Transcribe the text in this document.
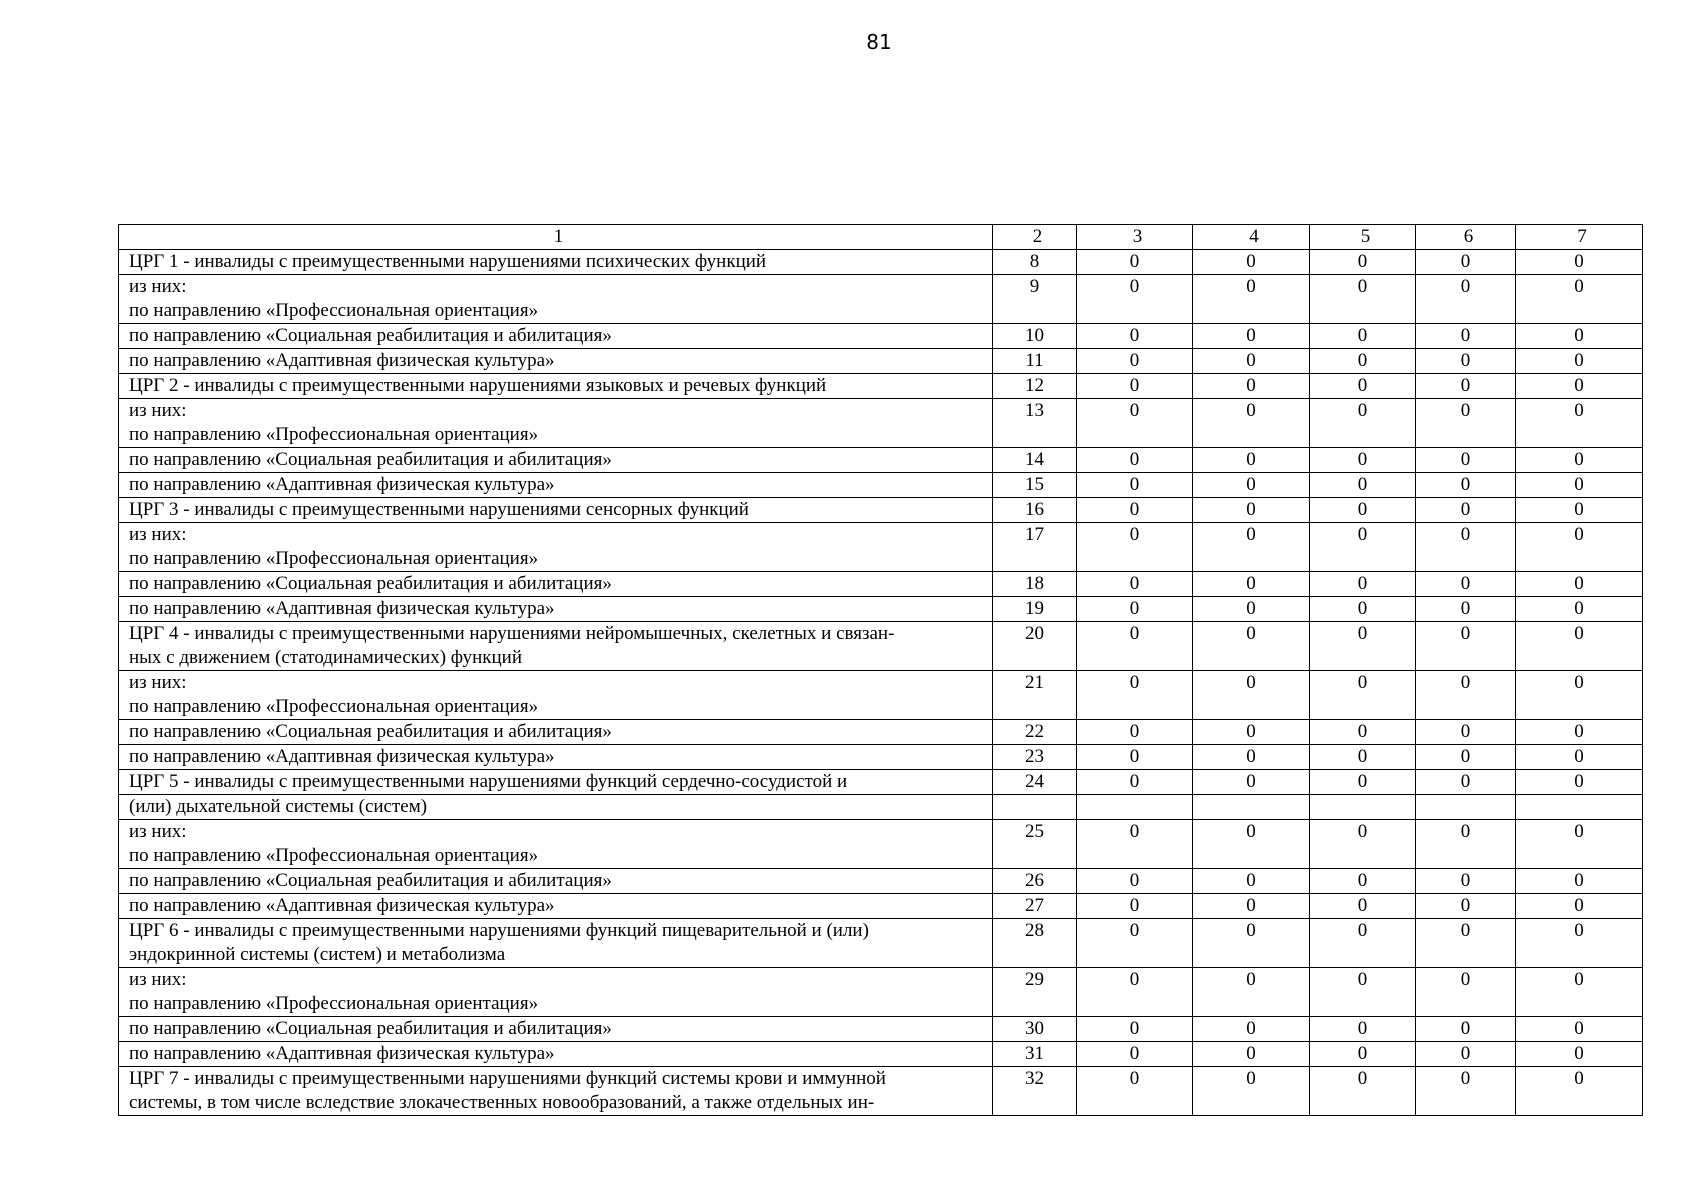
81
1	2	3	4	5	6	7

ЦРГ 1 - инвалиды с преимущественными нарушениями психических функций	8	0	0	0	0	0

из них:
по направлению «Профессиональная ориентация»	9	0	0	0	0	0

по направлению «Социальная реабилитация и абилитация»	10	0	0	0	0	0

по направлению «Адаптивная физическая культура»	11	0	0	0	0	0

ЦРГ 2 - инвалиды с преимущественными нарушениями языковых и речевых функций	12	0	0	0	0	0

из них:
по направлению «Профессиональная ориентация»	13	0	0	0	0	0

по направлению «Социальная реабилитация и абилитация»	14	0	0	0	0	0

по направлению «Адаптивная физическая культура»	15	0	0	0	0	0

ЦРГ 3 - инвалиды с преимущественными нарушениями сенсорных функций	16	0	0	0	0	0

из них:
по направлению «Профессиональная ориентация»	17	0	0	0	0	0

по направлению «Социальная реабилитация и абилитация»	18	0	0	0	0	0

по направлению «Адаптивная физическая культура»	19	0	0	0	0	0

ЦРГ 4 - инвалиды с преимущественными нарушениями нейромышечных, скелетных и связан-
ных с движением (статодинамических) функций	20	0	0	0	0	0

из них:
по направлению «Профессиональная ориентация»	21	0	0	0	0	0

по направлению «Социальная реабилитация и абилитация»	22	0	0	0	0	0

по направлению «Адаптивная физическая культура»	23	0	0	0	0	0

ЦРГ 5 - инвалиды с преимущественными нарушениями функций сердечно-сосудистой и	24	0	0	0	0	0

(или) дыхательной системы (систем)						

из них:
по направлению «Профессиональная ориентация»	25	0	0	0	0	0

по направлению «Социальная реабилитация и абилитация»	26	0	0	0	0	0

по направлению «Адаптивная физическая культура»	27	0	0	0	0	0

ЦРГ 6 - инвалиды с преимущественными нарушениями функций пищеварительной и (или)
эндокринной системы (систем) и метаболизма	28	0	0	0	0	0

из них:
по направлению «Профессиональная ориентация»	29	0	0	0	0	0

по направлению «Социальная реабилитация и абилитация»	30	0	0	0	0	0

по направлению «Адаптивная физическая культура»	31	0	0	0	0	0

ЦРГ 7 - инвалиды с преимущественными нарушениями функций системы крови и иммунной
системы, в том числе вследствие злокачественных новообразований, а также отдельных ин-	32	0	0	0	0	0
